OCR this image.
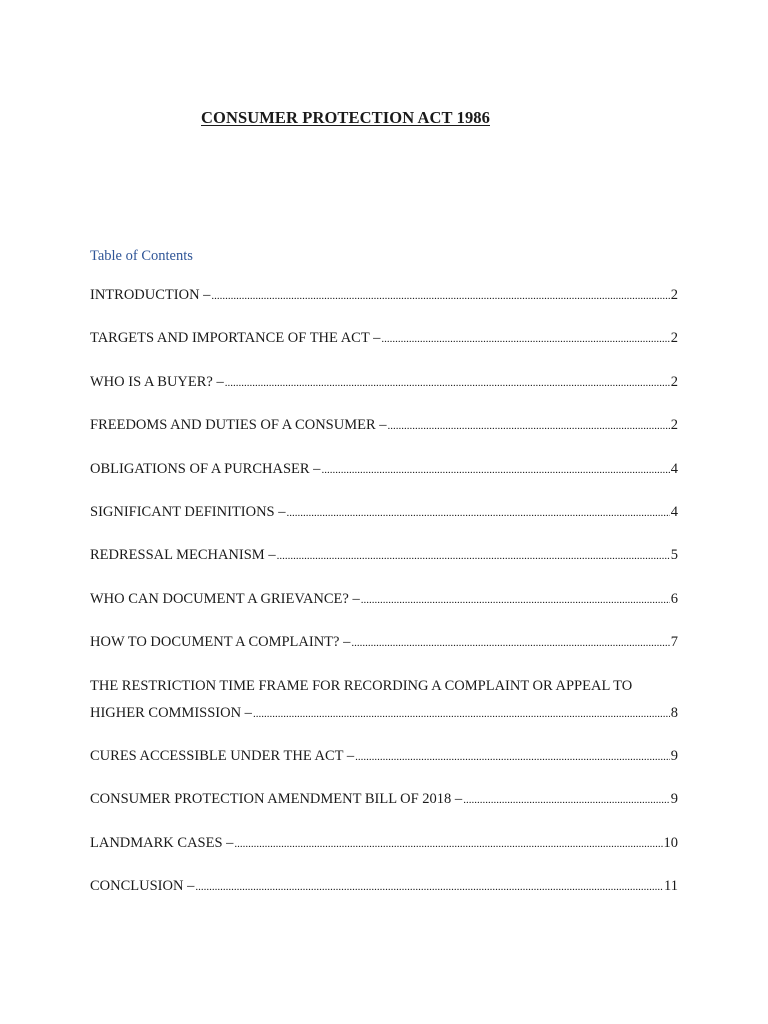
CONSUMER PROTECTION ACT 1986
Table of Contents
INTRODUCTION – .....	2
TARGETS AND IMPORTANCE OF THE ACT – .....	2
WHO IS A BUYER? – .....	2
FREEDOMS AND DUTIES OF A CONSUMER – .....	2
OBLIGATIONS OF A PURCHASER – .....	4
SIGNIFICANT DEFINITIONS – .....	4
REDRESSAL MECHANISM – .....	5
WHO CAN DOCUMENT A GRIEVANCE? – .....	6
HOW TO DOCUMENT A COMPLAINT? – .....	7
THE RESTRICTION TIME FRAME FOR RECORDING A COMPLAINT OR APPEAL TO
HIGHER COMMISSION – .....	8
CURES ACCESSIBLE UNDER THE ACT – .....	9
CONSUMER PROTECTION AMENDMENT BILL OF 2018 – .....	9
LANDMARK CASES – .....	10
CONCLUSION – .....	11
